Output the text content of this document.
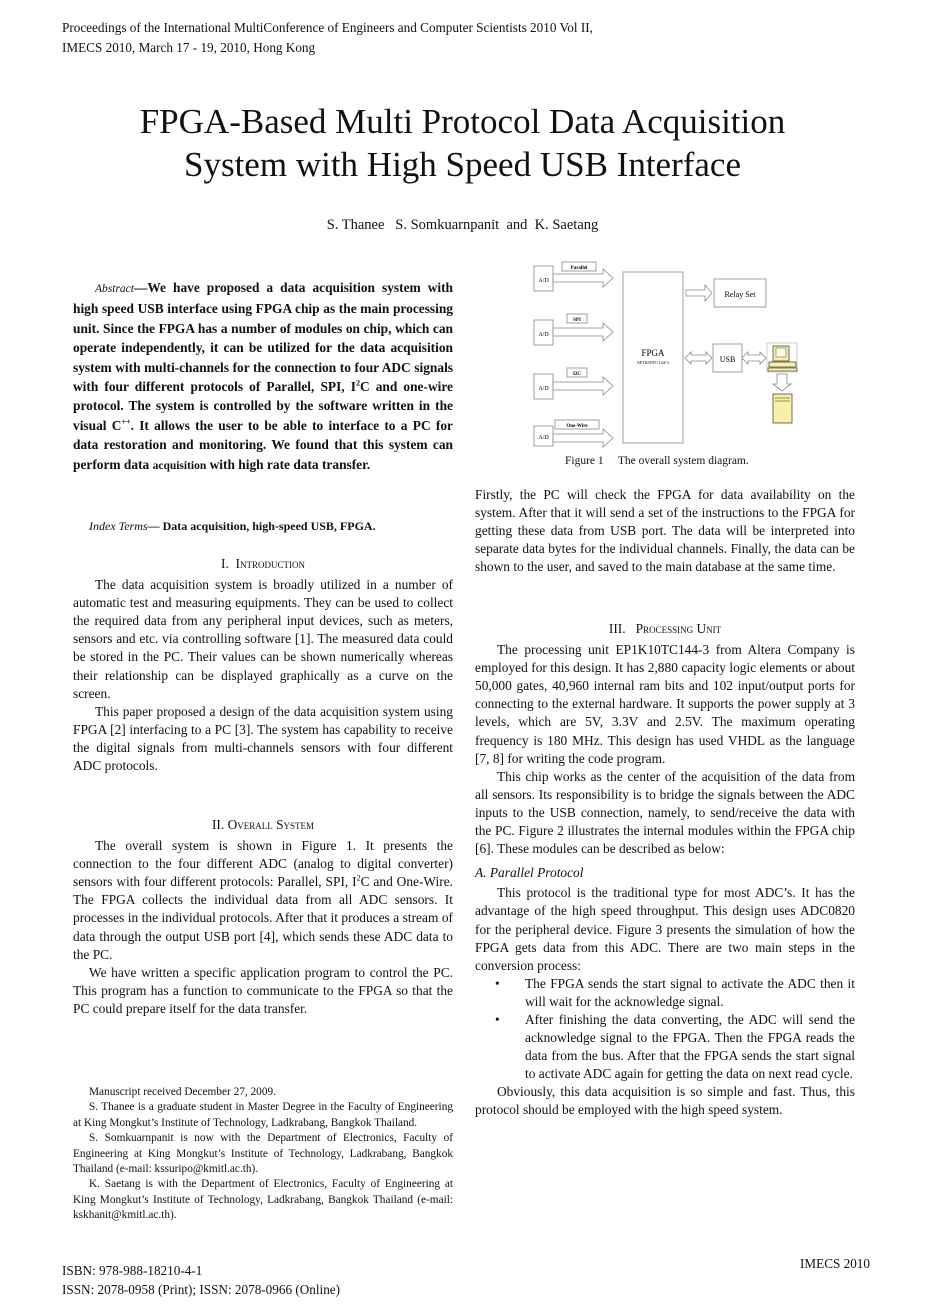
Proceedings of the International MultiConference of Engineers and Computer Scientists 2010 Vol II,
IMECS 2010, March 17 - 19, 2010, Hong Kong
FPGA-Based Multi Protocol Data Acquisition
System with High Speed USB Interface
S. Thanee   S. Somkuarnpanit  and  K. Saetang

Abstract—We have proposed a data acquisition system with high speed USB interface using FPGA chip as the main processing unit. Since the FPGA has a number of modules on chip, which can operate independently, it can be utilized for the data acquisition system with multi-channels for the connection to four ADC signals with four different protocols of Parallel, SPI, $I^2C$ and one-wire protocol. The system is controlled by the software written in the visual C++. It allows the user to be able to interface to a PC for data restoration and monitoring. We found that this system can perform data acquisition with high rate data transfer.

Index Terms— Data acquisition, high-speed USB, FPGA.
I.  Introduction

The data acquisition system is broadly utilized in a number of automatic test and measuring equipments. They can be used to collect the required data from any peripheral input devices, such as meters, sensors and etc. via controlling software [1]. The measured data could be stored in the PC. Their values can be shown numerically whereas their relationship can be displayed graphically as a curve on the screen.

This paper proposed a design of the data acquisition system using FPGA [2] interfacing to a PC [3]. The system has capability to receive the digital signals from multi-channels sensors with four different ADC protocols.

II. Overall System

The overall system is shown in Figure 1. It presents the connection to the four different ADC (analog to digital converter) sensors with four different protocols: Parallel, SPI, $I^2C$ and One-Wire. The FPGA collects the individual data from all ADC sensors. It processes in the individual protocols. After that it produces a stream of data through the output USB port [4], which sends these ADC data to the PC.

We have written a specific application program to control the PC. This program has a function to communicate to the FPGA so that the PC could prepare itself for the data transfer.

Manuscript received December 27, 2009.

S. Thanee is a graduate student in Master Degree in the Faculty of Engineering at King Mongkut’s Institute of Technology, Ladkrabang, Bangkok Thailand.

S. Somkuarnpanit is now with the Department of Electronics, Faculty of Engineering at King Mongkut’s Institute of Technology, Ladkrabang, Bangkok Thailand (e-mail: kssuripo@kmitl.ac.th).

K. Saetang is with the Department of Electronics, Faculty of Engineering at King Mongkut’s Institute of Technology, Ladkrabang, Bangkok Thailand (e-mail: kskhanit@kmitl.ac.th).

A/D
Parallel
A/D
SPI
A/D
I2C
A/D
One-Wire
FPGA
EP1K50TC144-3
Relay Set
USB
Figure 1     The overall system diagram.

Firstly, the PC will check the FPGA for data availability on the system. After that it will send a set of the instructions to the FPGA for getting these data from USB port. The data will be interpreted into separate data bytes for the individual channels. Finally, the data can be shown to the user, and saved to the main database at the same time.

III.   Processing Unit

The processing unit EP1K10TC144-3 from Altera Company is employed for this design. It has 2,880 capacity logic elements or about 50,000 gates, 40,960 internal ram bits and 102 input/output ports for connecting to the external hardware. It supports the power supply at 3 levels, which are 5V, 3.3V and 2.5V. The maximum operating frequency is 180 MHz. This design has used VHDL as the language [7, 8] for writing the code program.

This chip works as the center of the acquisition of the data from all sensors. Its responsibility is to bridge the signals between the ADC inputs to the USB connection, namely, to send/receive the data with the PC. Figure 2 illustrates the internal modules within the FPGA chip [6]. These modules can be described as below:

A. Parallel Protocol

This protocol is the traditional type for most ADC’s. It has the advantage of the high speed throughput. This design uses ADC0820 for the peripheral device. Figure 3 presents the simulation of how the FPGA gets data from this ADC. There are two main steps in the conversion process:

• The FPGA sends the start signal to activate the ADC then it will wait for the acknowledge signal.
• After finishing the data converting, the ADC will send the acknowledge signal to the FPGA. Then the FPGA reads the data from the bus. After that the FPGA sends the start signal to activate ADC again for getting the data on next read cycle.

Obviously, this data acquisition is so simple and fast. Thus, this protocol should be employed with the high speed system.

ISBN: 978-988-18210-4-1
ISSN: 2078-0958 (Print); ISSN: 2078-0966 (Online)
IMECS 2010
